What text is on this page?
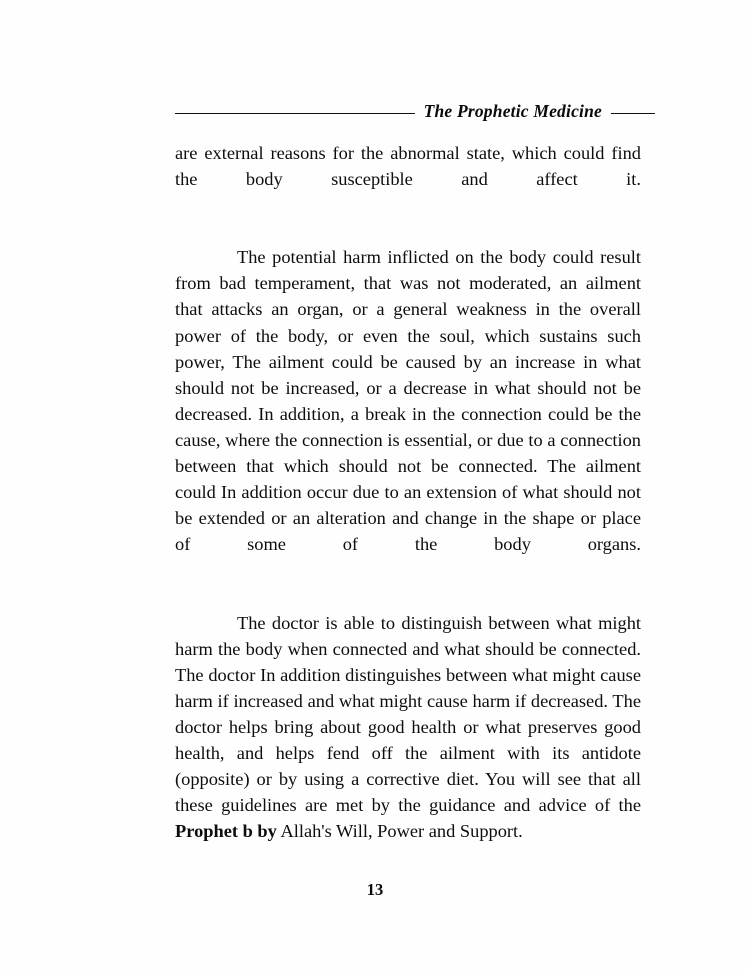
The Prophetic Medicine

are external reasons for the abnormal state, which could find the body susceptible and affect it.

The potential harm inflicted on the body could result from bad temperament, that was not moderated, an ailment that attacks an organ, or a general weakness in the overall power of the body, or even the soul, which sustains such power, The ailment could be caused by an increase in what should not be increased, or a decrease in what should not be decreased. In addition, a break in the connection could be the cause, where the connection is essential, or due to a connection between that which should not be connected. The ailment could In addition occur due to an extension of what should not be extended or an alteration and change in the shape or place of some of the body organs.

The doctor is able to distinguish between what might harm the body when connected and what should be connected. The doctor In addition distinguishes between what might cause harm if increased and what might cause harm if decreased. The doctor helps bring about good health or what preserves good health, and helps fend off the ailment with its antidote (opposite) or by using a corrective diet. You will see that all these guidelines are met by the guidance and advice of the Prophet b by Allah's Will, Power and Support.

13
